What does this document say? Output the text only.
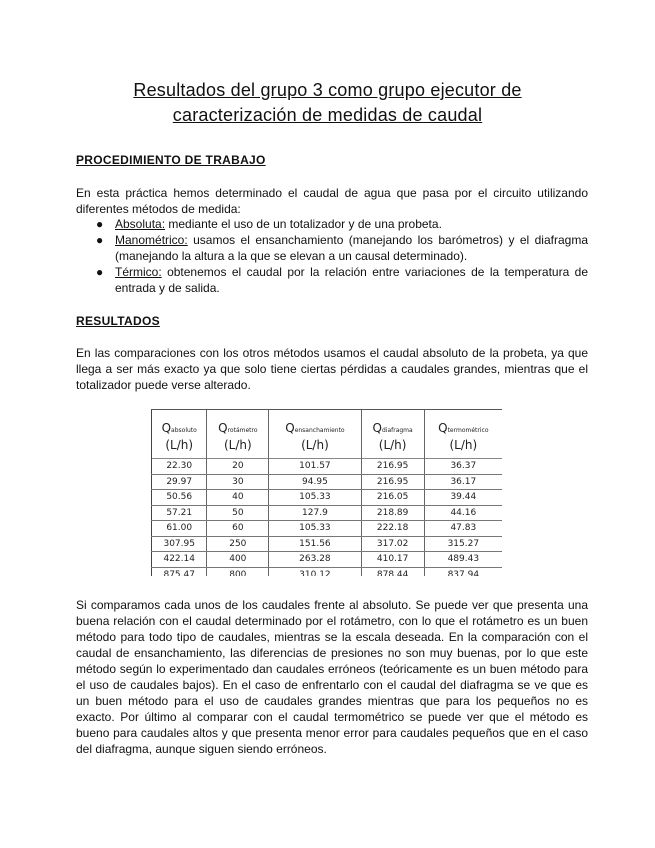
Resultados del grupo 3 como grupo ejecutor de
caracterización de medidas de caudal
PROCEDIMIENTO DE TRABAJO

En esta práctica hemos determinado el caudal de agua que pasa por el circuito utilizando diferentes métodos de medida:

● Absoluta: mediante el uso de un totalizador y de una probeta.
● Manométrico: usamos el ensanchamiento (manejando los barómetros) y el diafragma (manejando la altura a la que se elevan a un causal determinado).
● Térmico: obtenemos el caudal por la relación entre variaciones de la temperatura de entrada y de salida.
RESULTADOS

En las comparaciones con los otros métodos usamos el caudal absoluto de la probeta, ya que llega a ser más exacto ya que solo tiene ciertas pérdidas a caudales grandes, mientras que el totalizador puede verse alterado.

Qabsoluto
(L/h)	Qrotámetro
(L/h)	Qensanchamiento
(L/h)	Qdiafragma
(L/h)	Qtermométrico
(L/h)

22.30	20	101.57	216.95	36.37
29.97	30	94.95	216.95	36.17
50.56	40	105.33	216.05	39.44
57.21	50	127.9	218.89	44.16
61.00	60	105.33	222.18	47.83
307.95	250	151.56	317.02	315.27
422.14	400	263.28	410.17	489.43
875.47	800	310.12	878.44	837.94

Si comparamos cada unos de los caudales frente al absoluto. Se puede ver que presenta una buena relación con el caudal determinado por el rotámetro, con lo que el rotámetro es un buen método para todo tipo de caudales, mientras se la escala deseada. En la comparación con el caudal de ensanchamiento, las diferencias de presiones no son muy buenas, por lo que este método según lo experimentado dan caudales erróneos (teóricamente es un buen método para el uso de caudales bajos). En el caso de enfrentarlo con el caudal del diafragma se ve que es un buen método para el uso de caudales grandes mientras que para los pequeños no es exacto. Por último al comparar con el caudal termométrico se puede ver que el método es bueno para caudales altos y que presenta menor error para caudales pequeños que en el caso del diafragma, aunque siguen siendo erróneos.
